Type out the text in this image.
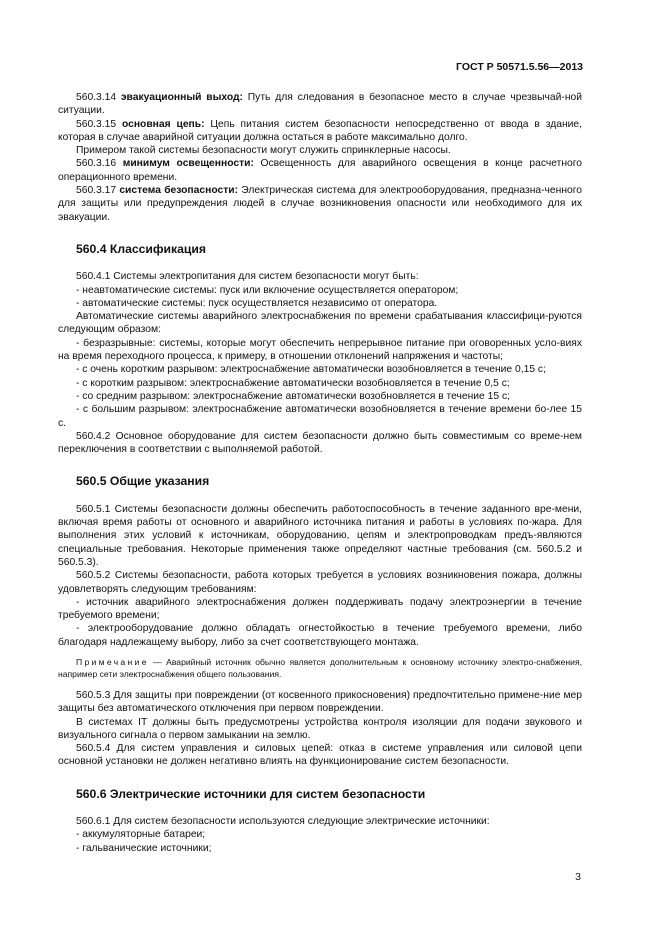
ГОСТ Р 50571.5.56—2013

560.3.14 эвакуационный выход: Путь для следования в безопасное место в случае чрезвычай-ной ситуации.

560.3.15 основная цепь: Цепь питания систем безопасности непосредственно от ввода в здание, которая в случае аварийной ситуации должна остаться в работе максимально долго.

Примером такой системы безопасности могут служить спринклерные насосы.

560.3.16 минимум освещенности: Освещенность для аварийного освещения в конце расчетного операционного времени.

560.3.17 система безопасности: Электрическая система для электрооборудования, предназна-ченного для защиты или предупреждения людей в случае возникновения опасности или необходимого для их эвакуации.

560.4 Классификация

560.4.1 Системы электропитания для систем безопасности могут быть:

- неавтоматические системы: пуск или включение осуществляется оператором;

- автоматические системы: пуск осуществляется независимо от оператора.

Автоматические системы аварийного электроснабжения по времени срабатывания классифици-руются следующим образом:

- безразрывные: системы, которые могут обеспечить непрерывное питание при оговоренных усло-виях на время переходного процесса, к примеру, в отношении отклонений напряжения и частоты;

- с очень коротким разрывом: электроснабжение автоматически возобновляется в течение 0,15 с;

- с коротким разрывом: электроснабжение автоматически возобновляется в течение 0,5 с;

- со средним разрывом: электроснабжение автоматически возобновляется в течение 15 с;

- с большим разрывом: электроснабжение автоматически возобновляется в течение времени бо-лее 15 с.

560.4.2 Основное оборудование для систем безопасности должно быть совместимым со време-нем переключения в соответствии с выполняемой работой.

560.5 Общие указания

560.5.1 Системы безопасности должны обеспечить работоспособность в течение заданного вре-мени, включая время работы от основного и аварийного источника питания и работы в условиях по-жара. Для выполнения этих условий к источникам, оборудованию, цепям и электропроводкам предъ-являются специальные требования. Некоторые применения также определяют частные требования (см. 560.5.2 и 560.5.3).

560.5.2 Системы безопасности, работа которых требуется в условиях возникновения пожара, должны удовлетворять следующим требованиям:

- источник аварийного электроснабжения должен поддерживать подачу электроэнергии в течение требуемого времени;

- электрооборудование должно обладать огнестойкостью в течение требуемого времени, либо благодаря надлежащему выбору, либо за счет соответствующего монтажа.

Примечание — Аварийный источник обычно является дополнительным к основному источнику электро-снабжения, например сети электроснабжения общего пользования.

560.5.3 Для защиты при повреждении (от косвенного прикосновения) предпочтительно примене-ние мер защиты без автоматического отключения при первом повреждении.

В системах IT должны быть предусмотрены устройства контроля изоляции для подачи звукового и визуального сигнала о первом замыкании на землю.

560.5.4 Для систем управления и силовых цепей: отказ в системе управления или силовой цепи основной установки не должен негативно влиять на функционирование систем безопасности.

560.6 Электрические источники для систем безопасности

560.6.1 Для систем безопасности используются следующие электрические источники:

- аккумуляторные батареи;

- гальванические источники;

3
